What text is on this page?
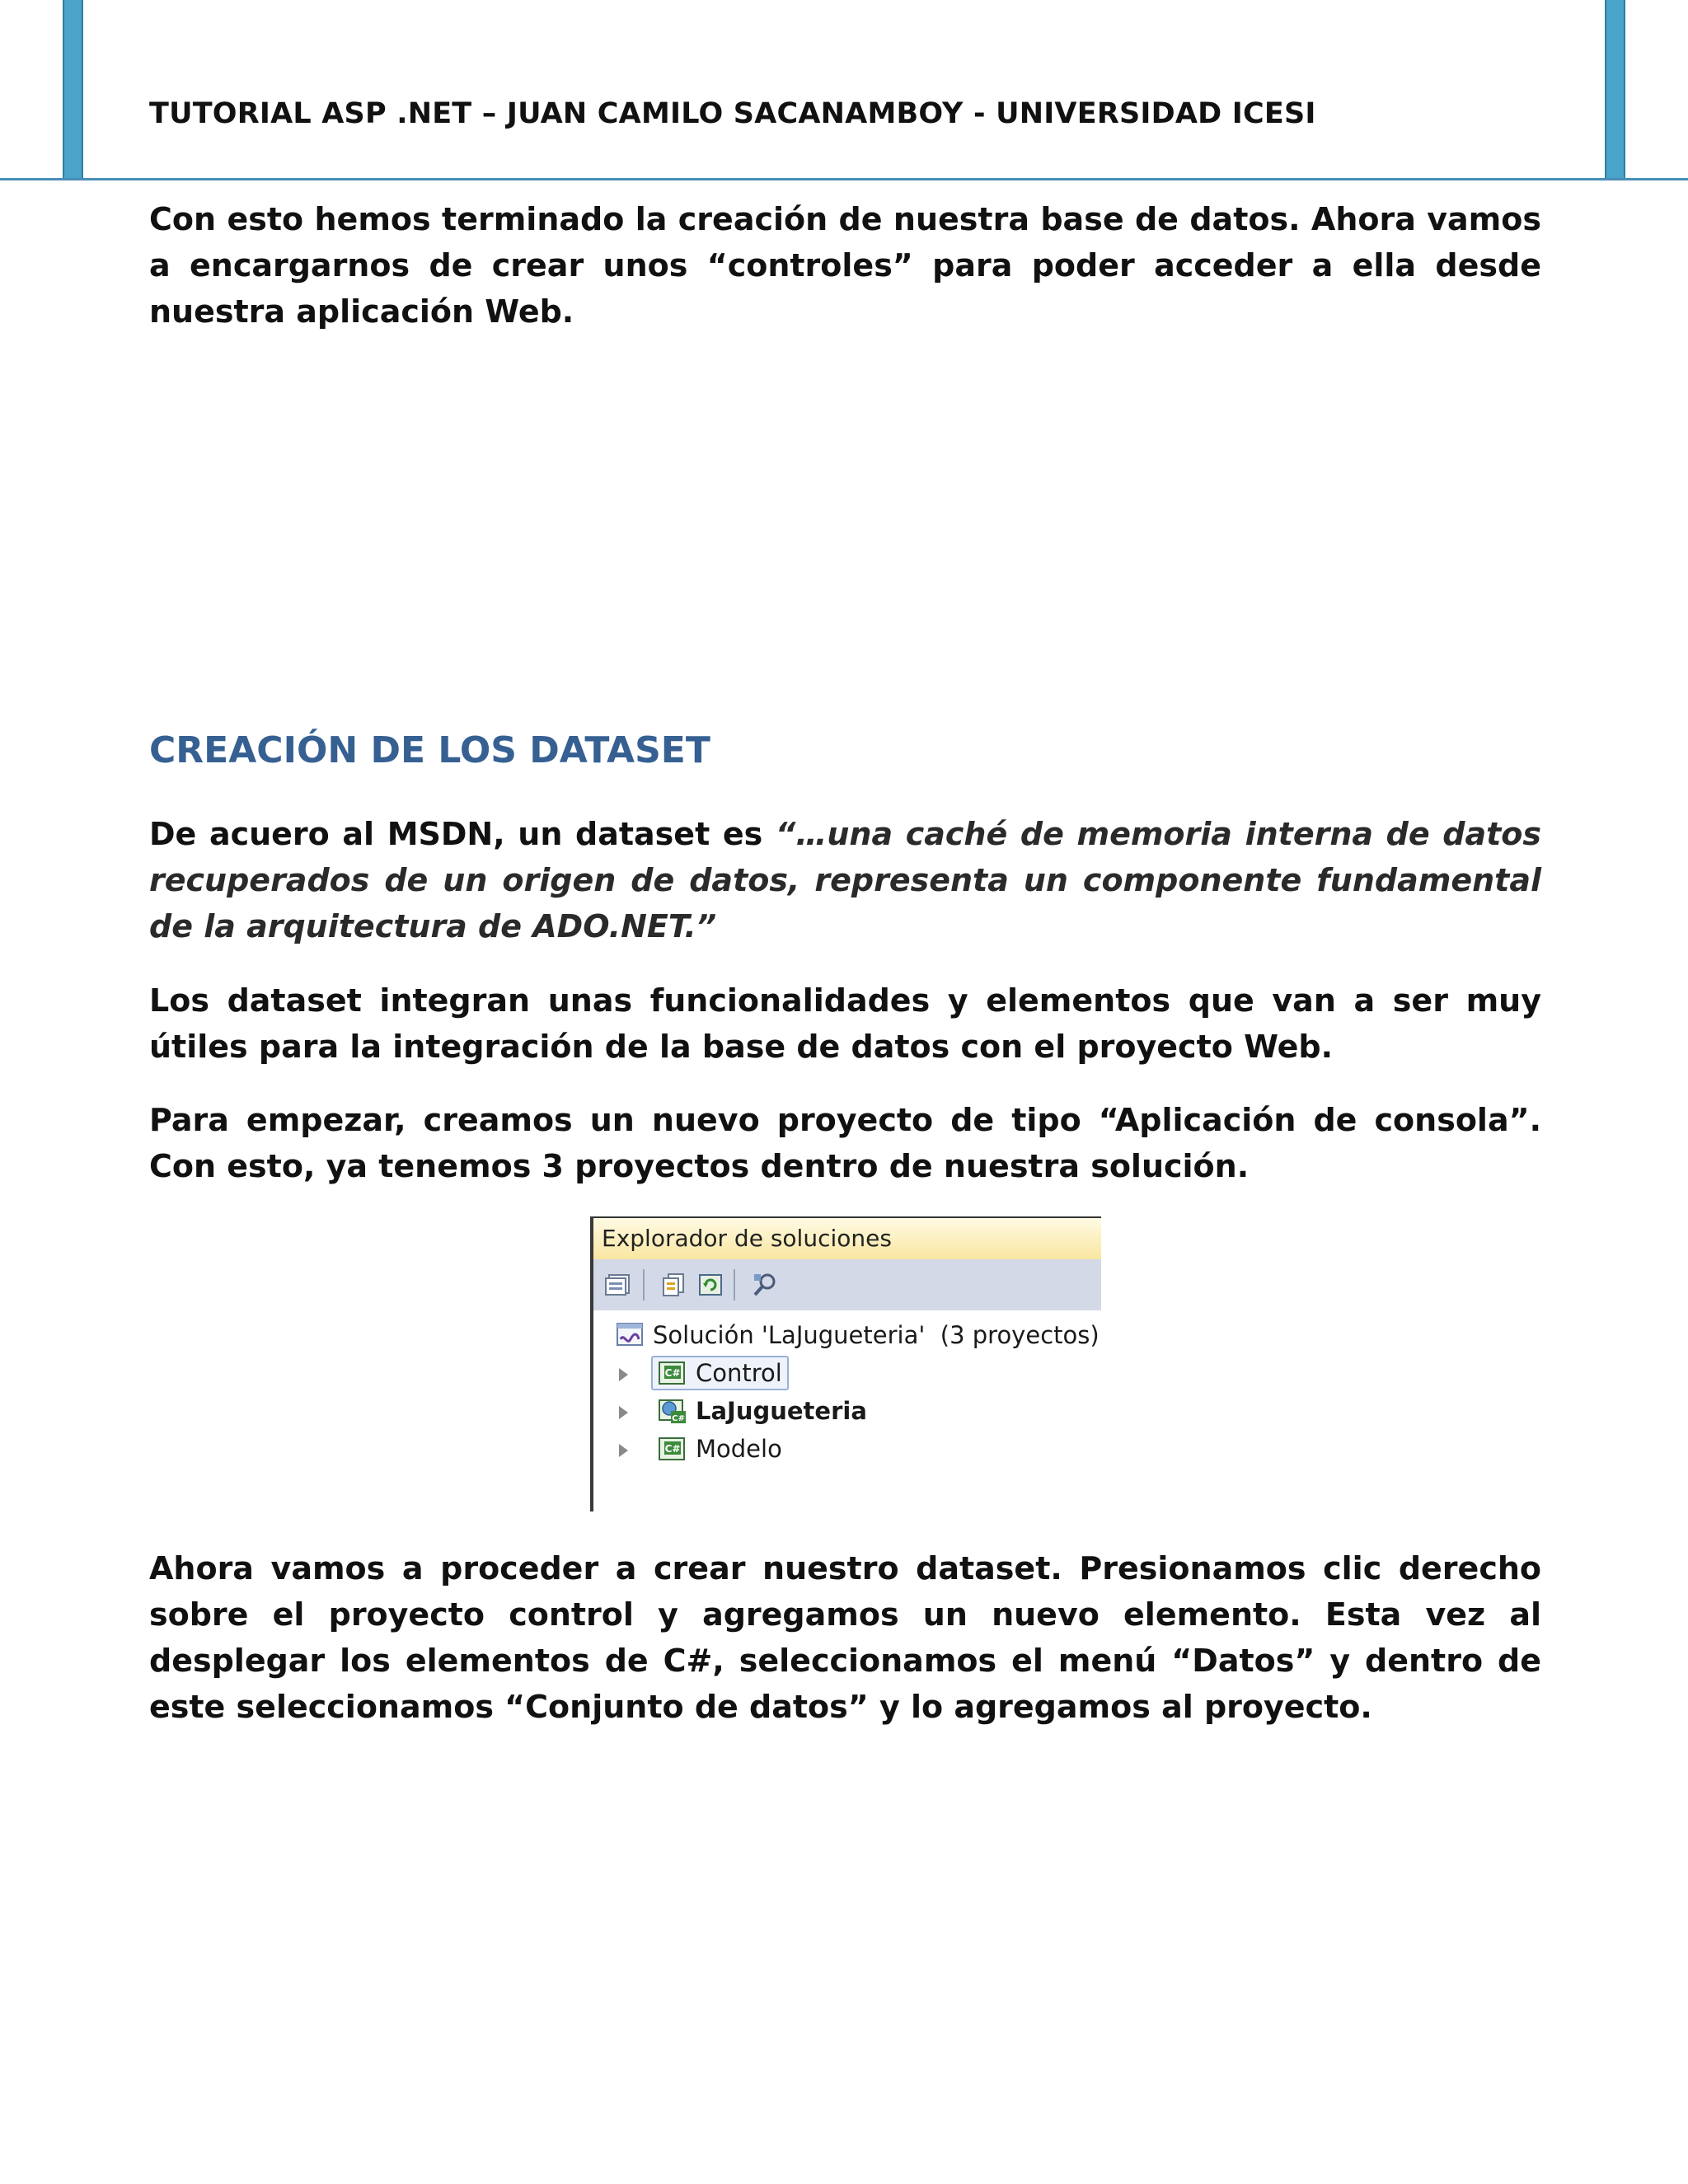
TUTORIAL ASP .NET – JUAN CAMILO SACANAMBOY - UNIVERSIDAD ICESI

Con esto hemos terminado la creación de nuestra base de datos. Ahora vamos a encargarnos de crear unos “controles” para poder acceder a ella desde nuestra aplicación Web.

CREACIÓN DE LOS DATASET

De acuero al MSDN, un dataset es “…una caché de memoria interna de datos recuperados de un origen de datos, representa un componente fundamental de la arquitectura de ADO.NET.”

Los dataset integran unas funcionalidades y elementos que van a ser muy útiles para la integración de la base de datos con el proyecto Web.

Para empezar, creamos un nuevo proyecto de tipo “Aplicación de consola”. Con esto, ya tenemos 3 proyectos dentro de nuestra solución.

Explorador de soluciones
Solución 'LaJugueteria'  (3 proyectos)
C# Control
C# LaJugueteria
C# Modelo

Ahora vamos a proceder a crear nuestro dataset. Presionamos clic derecho sobre el proyecto control y agregamos un nuevo elemento. Esta vez al desplegar los elementos de C#, seleccionamos el menú “Datos” y dentro de este seleccionamos “Conjunto de datos” y lo agregamos al proyecto.
